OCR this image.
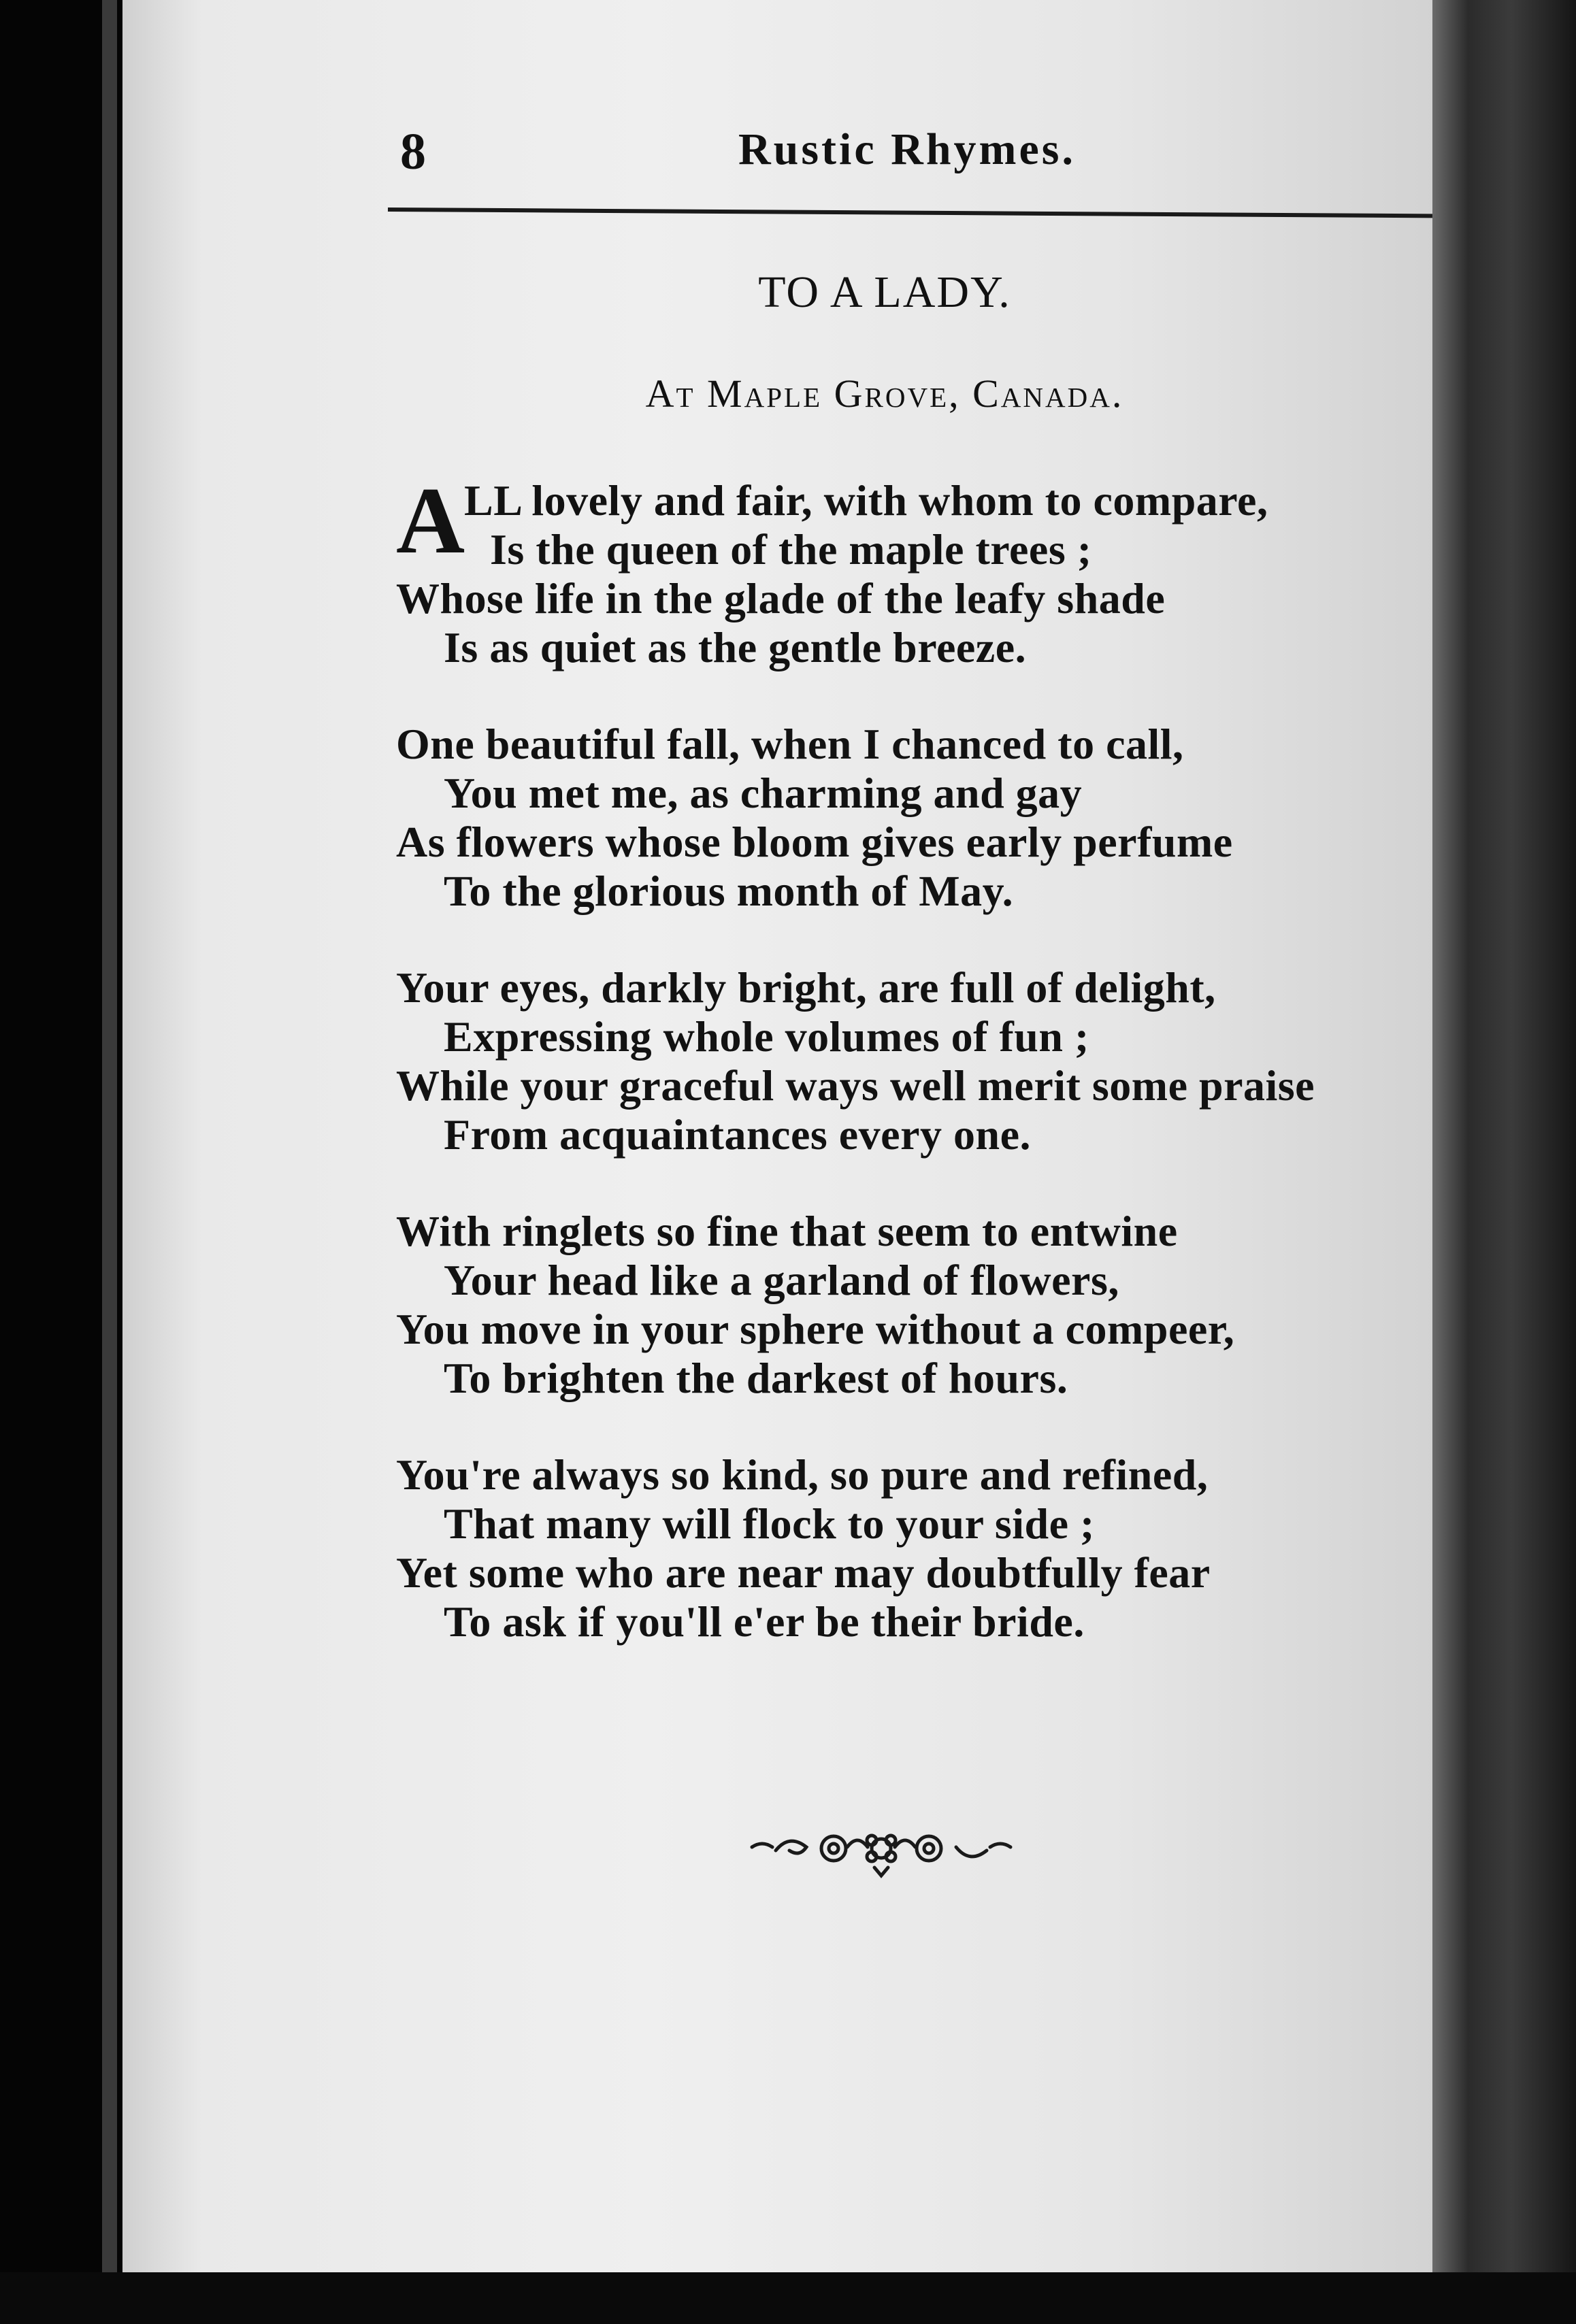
8	Rustic Rhymes.
TO A LADY.
At Maple Grove, Canada.
A
LL lovely and fair, with whom to compare,
Is the queen of the maple trees ;
Whose life in the glade of the leafy shade
Is as quiet as the gentle breeze.
One beautiful fall, when I chanced to call,
You met me, as charming and gay
As flowers whose bloom gives early perfume
To the glorious month of May.
Your eyes, darkly bright, are full of delight,
Expressing whole volumes of fun ;
While your graceful ways well merit some praise
From acquaintances every one.
With ringlets so fine that seem to entwine
Your head like a garland of flowers,
You move in your sphere without a compeer,
To brighten the darkest of hours.
You're always so kind, so pure and refined,
That many will flock to your side ;
Yet some who are near may doubtfully fear
To ask if you'll e'er be their bride.
